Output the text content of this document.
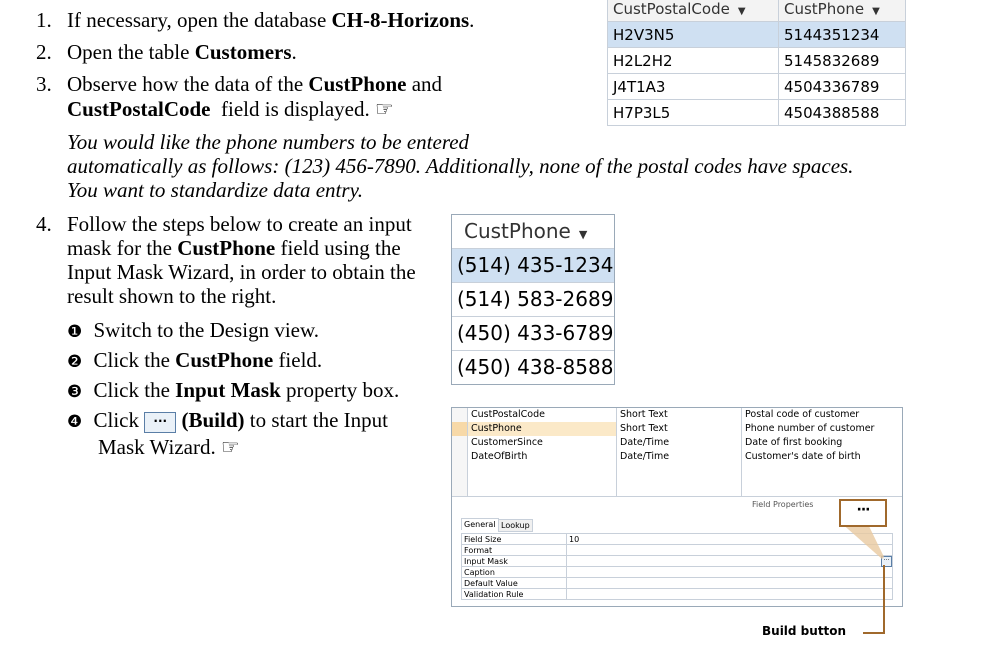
1. If necessary, open the database CH-8-Horizons.
2. Open the table Customers.
3. Observe how the data of the CustPhone and
CustPostalCode  field is displayed. ☞
You would like the phone numbers to be entered
automatically as follows: (123) 456-7890. Additionally, none of the postal codes have spaces.
You want to standardize data entry.
4. Follow the steps below to create an input
mask for the CustPhone field using the
Input Mask Wizard, in order to obtain the
result shown to the right.
❶ Switch to the Design view.
❷ Click the CustPhone field.
❸ Click the Input Mask property box.
❹ Click ··· (Build) to start the Input
Mask Wizard. ☞
CustPostalCode ▼	CustPhone ▼
H2V3N5	5144351234
H2L2H2	5145832689
J4T1A3	4504336789
H7P3L5	4504388588
CustPhone ▼
(514) 435-1234
(514) 583-2689
(450) 433-6789
(450) 438-8588
CustPostalCode	Short Text	Postal code of customer
CustPhone	Short Text	Phone number of customer
CustomerSince	Date/Time	Date of first booking
DateOfBirth	Date/Time	Customer's date of birth
Field Properties
General Lookup
Field Size	10
Format	
Input Mask	
Caption	
Default Value	
Validation Rule	
···
···
Build button
